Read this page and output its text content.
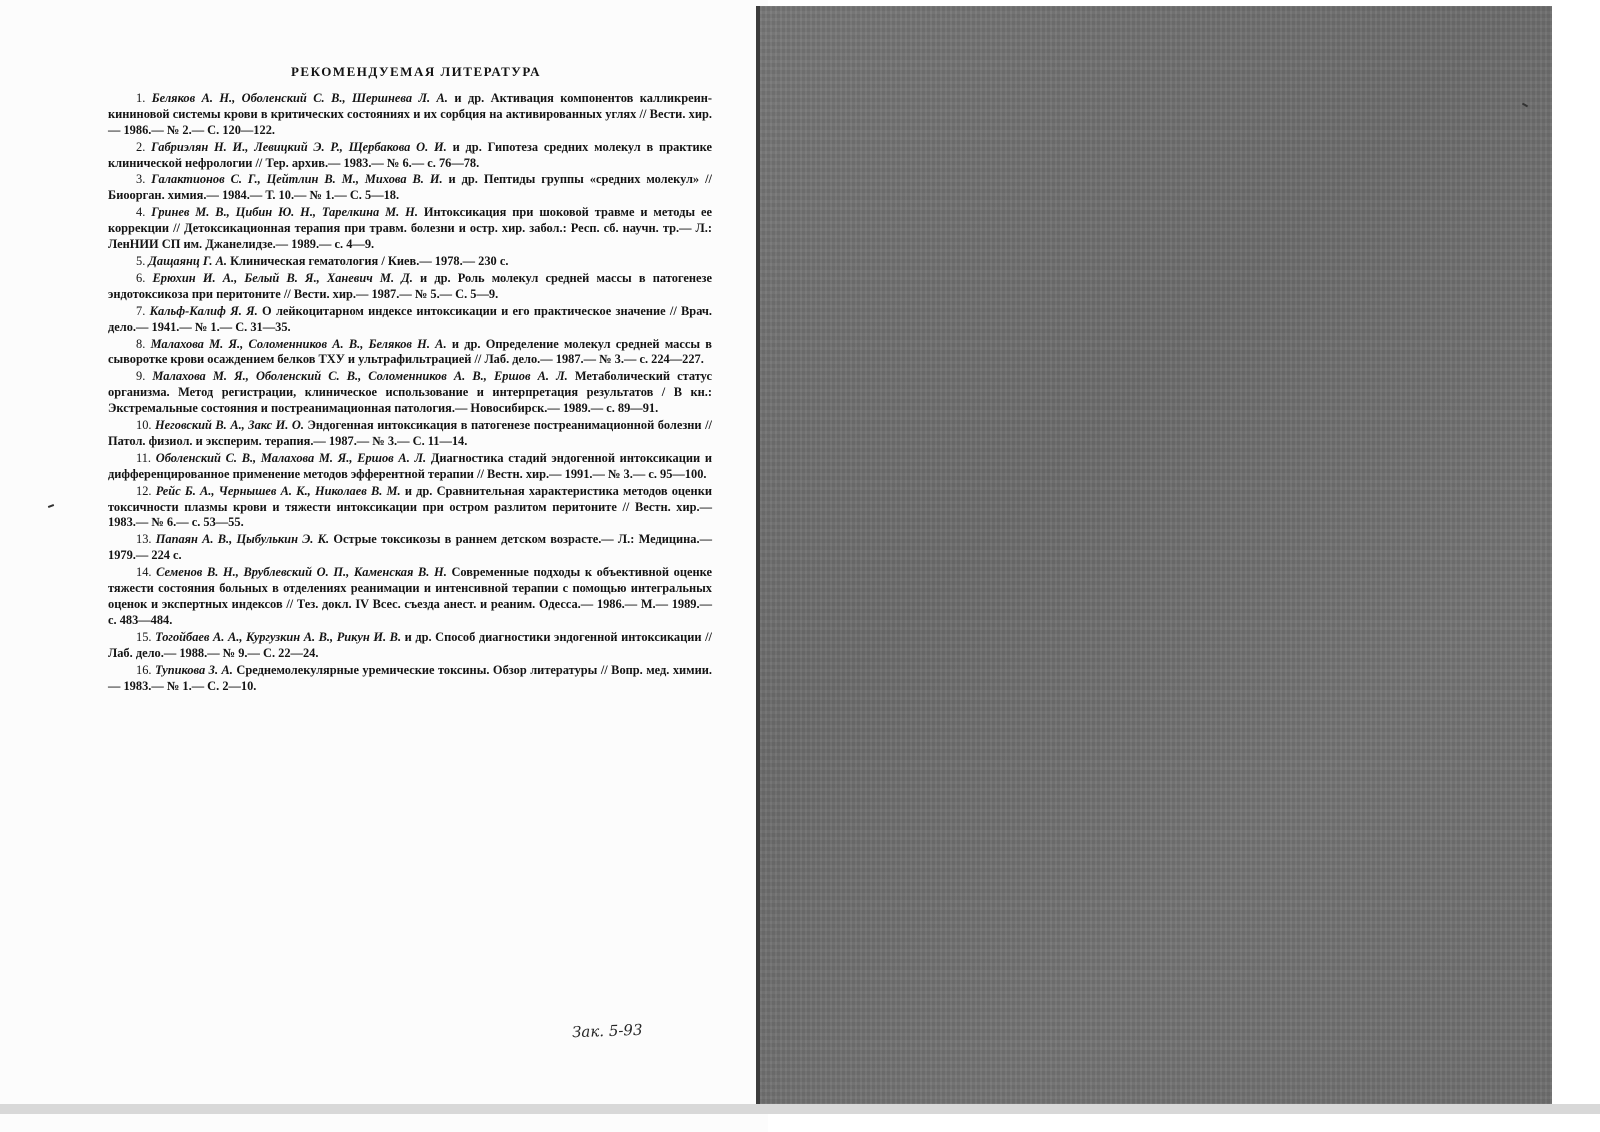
РЕКОМЕНДУЕМАЯ ЛИТЕРАТУРА
1. Беляков А. Н., Оболенский С. В., Шершнева Л. А. и др. Активация компонентов калликреин-кининовой системы крови в критических состояниях и их сорбция на активированных углях // Вести. хир.— 1986.— № 2.— С. 120—122.
2. Габриэлян Н. И., Левицкий Э. Р., Щербакова О. И. и др. Гипотеза средних молекул в практике клинической нефрологии // Тер. архив.— 1983.— № 6.— с. 76—78.
3. Галактионов С. Г., Цейтлин В. М., Михова В. И. и др. Пептиды группы «средних молекул» // Биоорган. химия.— 1984.— Т. 10.— № 1.— С. 5—18.
4. Гринев М. В., Цибин Ю. Н., Тарелкина М. Н. Интоксикация при шоковой травме и методы ее коррекции // Детоксикационная терапия при травм. болезни и остр. хир. забол.: Респ. сб. научн. тр.— Л.: ЛенНИИ СП им. Джанелидзе.— 1989.— с. 4—9.
5. Дащаянц Г. А. Клиническая гематология / Киев.— 1978.— 230 с.
6. Ерюхин И. А., Белый В. Я., Ханевич М. Д. и др. Роль молекул средней массы в патогенезе эндотоксикоза при перитоните // Вести. хир.— 1987.— № 5.— С. 5—9.
7. Кальф-Калиф Я. Я. О лейкоцитарном индексе интоксикации и его практическое значение // Врач. дело.— 1941.— № 1.— С. 31—35.
8. Малахова М. Я., Соломенников А. В., Беляков Н. А. и др. Определение молекул средней массы в сыворотке крови осаждением белков ТХУ и ультрафильтрацией // Лаб. дело.— 1987.— № 3.— с. 224—227.
9. Малахова М. Я., Оболенский С. В., Соломенников А. В., Ершов А. Л. Метаболический статус организма. Метод регистрации, клиническое использование и интерпретация результатов / В кн.: Экстремальные состояния и постреанимационная патология.— Новосибирск.— 1989.— с. 89—91.
10. Неговский В. А., Закс И. О. Эндогенная интоксикация в патогенезе постреанимационной болезни // Патол. физиол. и эксперим. терапия.— 1987.— № 3.— С. 11—14.
11. Оболенский С. В., Малахова М. Я., Ершов А. Л. Диагностика стадий эндогенной интоксикации и дифференцированное применение методов эфферентной терапии // Вестн. хир.— 1991.— № 3.— с. 95—100.
12. Рейс Б. А., Чернышев А. К., Николаев В. М. и др. Сравнительная характеристика методов оценки токсичности плазмы крови и тяжести интоксикации при остром разлитом перитоните // Вестн. хир.— 1983.— № 6.— с. 53—55.
13. Папаян А. В., Цыбулькин Э. К. Острые токсикозы в раннем детском возрасте.— Л.: Медицина.— 1979.— 224 с.
14. Семенов В. Н., Врублевский О. П., Каменская В. Н. Современные подходы к объективной оценке тяжести состояния больных в отделениях реанимации и интенсивной терапии с помощью интегральных оценок и экспертных индексов // Тез. докл. IV Всес. съезда анест. и реаним. Одесса.— 1986.— М.— 1989.— с. 483—484.
15. Тогойбаев А. А., Кургузкин А. В., Рикун И. В. и др. Способ диагностики эндогенной интоксикации // Лаб. дело.— 1988.— № 9.— С. 22—24.
16. Тупикова З. А. Среднемолекулярные уремические токсины. Обзор литературы // Вопр. мед. химии.— 1983.— № 1.— С. 2—10.
Зак. 5-93
